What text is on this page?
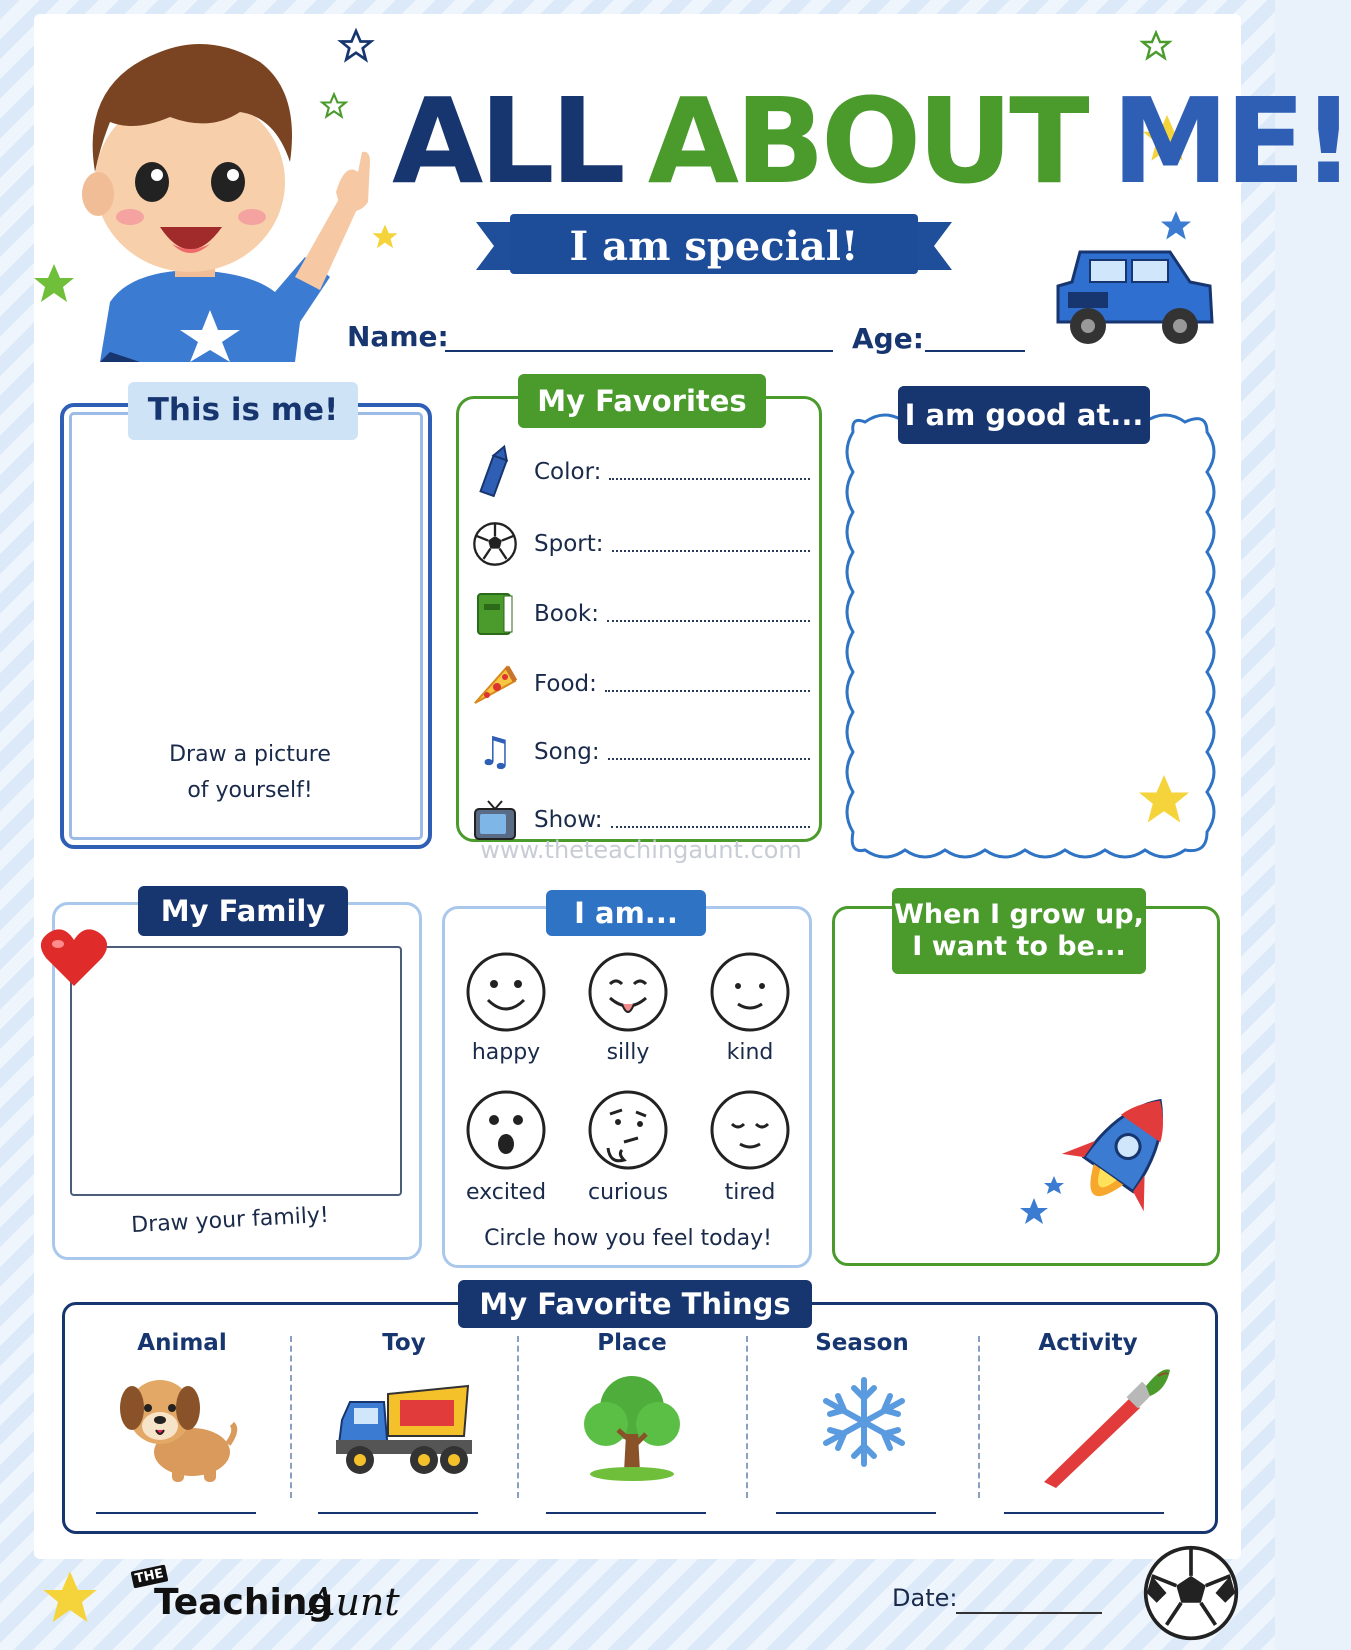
ALL ABOUT ME!
I am special!
Name:	Age:
This is me!
Draw a picture
of yourself!
My Favorites
Color:
Sport:
Book:
Food:
♫ Song:
Show:
www.theteachingaunt.com
I am good at...
My Family
Draw your family!
I am...
happy	silly	kind
excited	curious	tired
Circle how you feel today!
When I grow up,
I want to be...
My Favorite Things
Animal	Toy	Place	Season	Activity
THE
Teaching
Aunt	Date:
